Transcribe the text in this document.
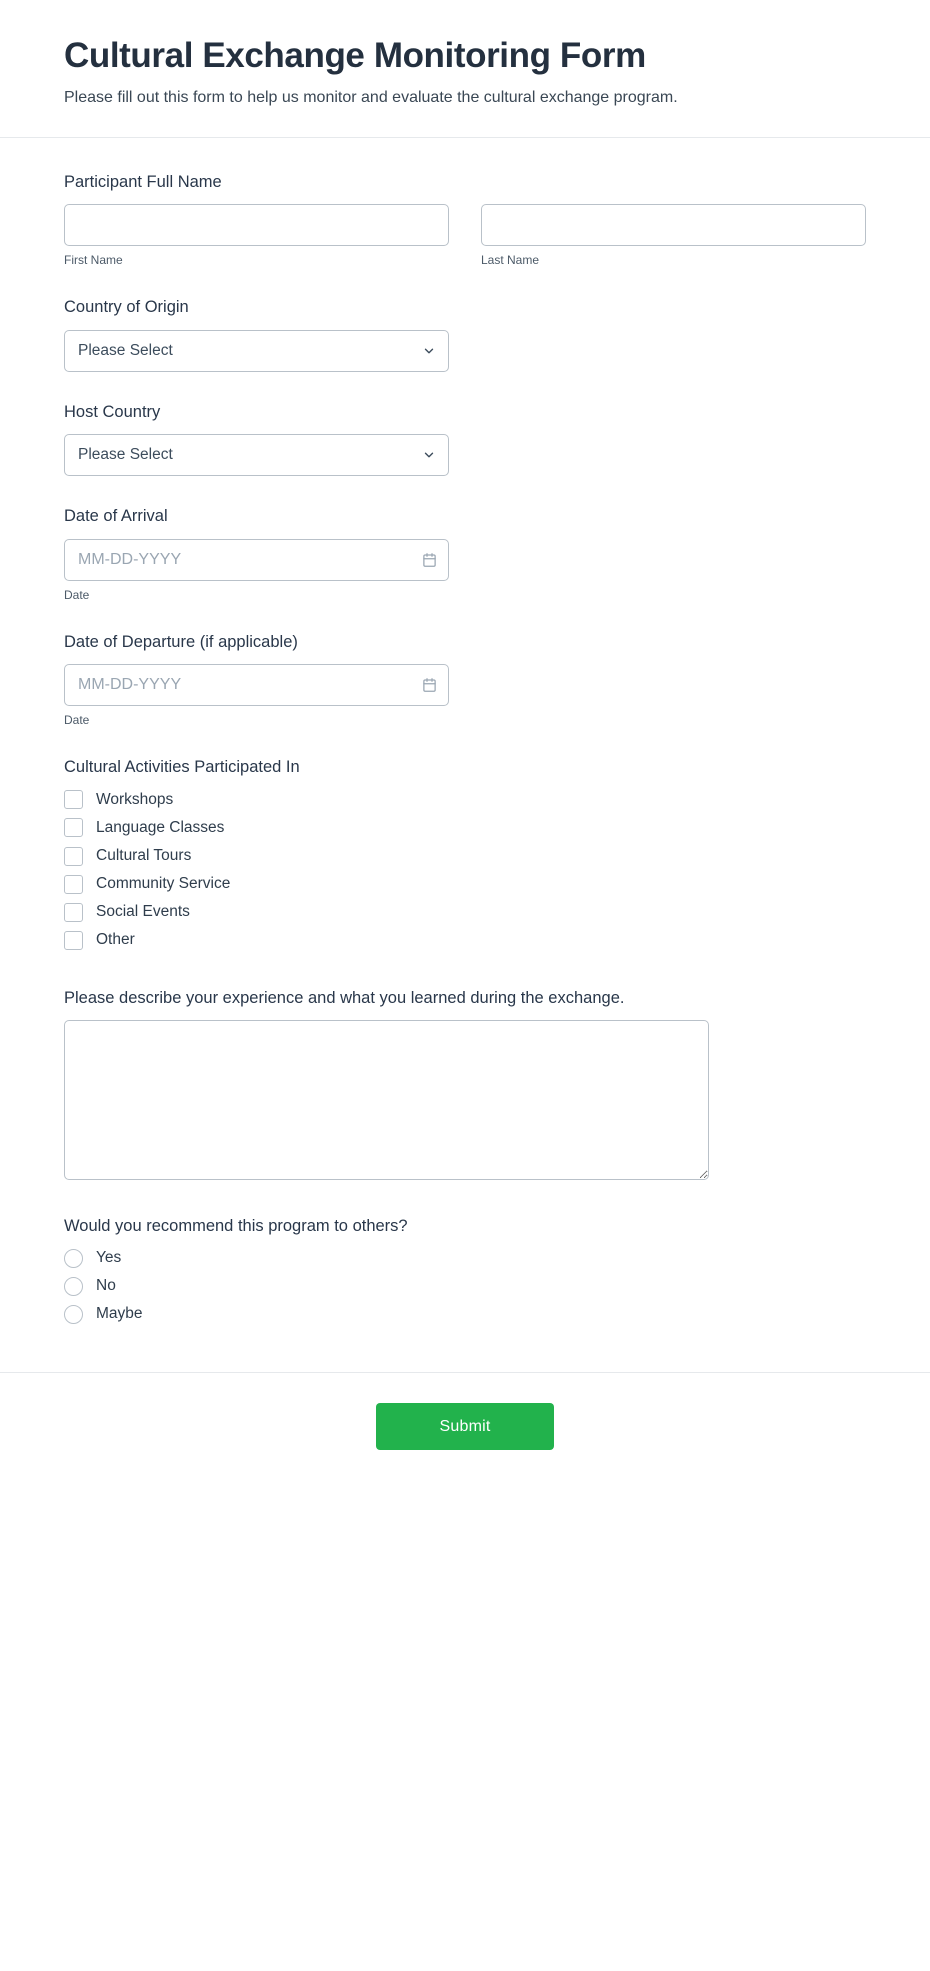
Cultural Exchange Monitoring Form

Please fill out this form to help us monitor and evaluate the cultural exchange program.

Participant Full Name
First Name	Last Name
Country of Origin
Please Select
Host Country
Please Select
Date of Arrival
MM-DD-YYYY
Date
Date of Departure (if applicable)
MM-DD-YYYY
Date
Cultural Activities Participated In
Workshops
Language Classes
Cultural Tours
Community Service
Social Events
Other
Please describe your experience and what you learned during the exchange.
Would you recommend this program to others?
Yes
No
Maybe
Submit
